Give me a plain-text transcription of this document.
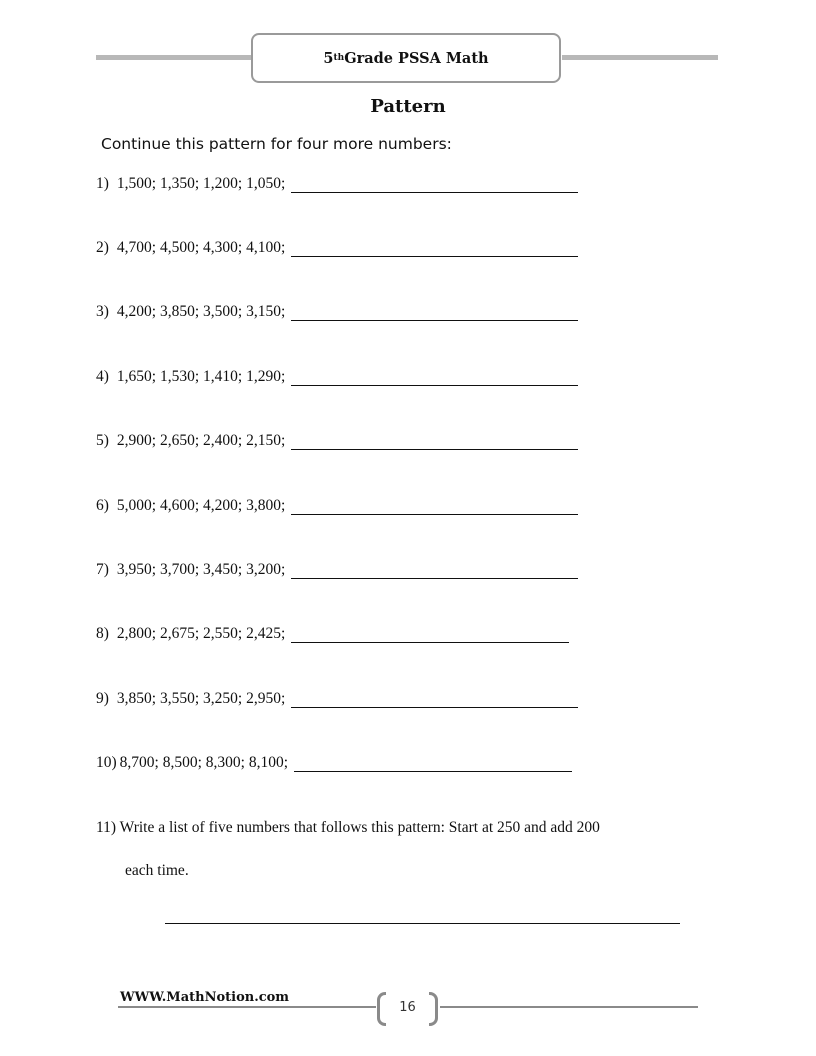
5 th Grade PSSA Math
Pattern
Continue this pattern for four more numbers:
1) 1,500; 1,350; 1,200; 1,050;
2) 4,700; 4,500; 4,300; 4,100;
3) 4,200; 3,850; 3,500; 3,150;
4) 1,650; 1,530; 1,410; 1,290;
5) 2,900; 2,650; 2,400; 2,150;
6) 5,000; 4,600; 4,200; 3,800;
7) 3,950; 3,700; 3,450; 3,200;
8) 2,800; 2,675; 2,550; 2,425;
9) 3,850; 3,550; 3,250; 2,950;
10) 8,700; 8,500; 8,300; 8,100;
11) Write a list of five numbers that follows this pattern: Start at 250 and add 200
each time.
WWW.MathNotion.com
16
